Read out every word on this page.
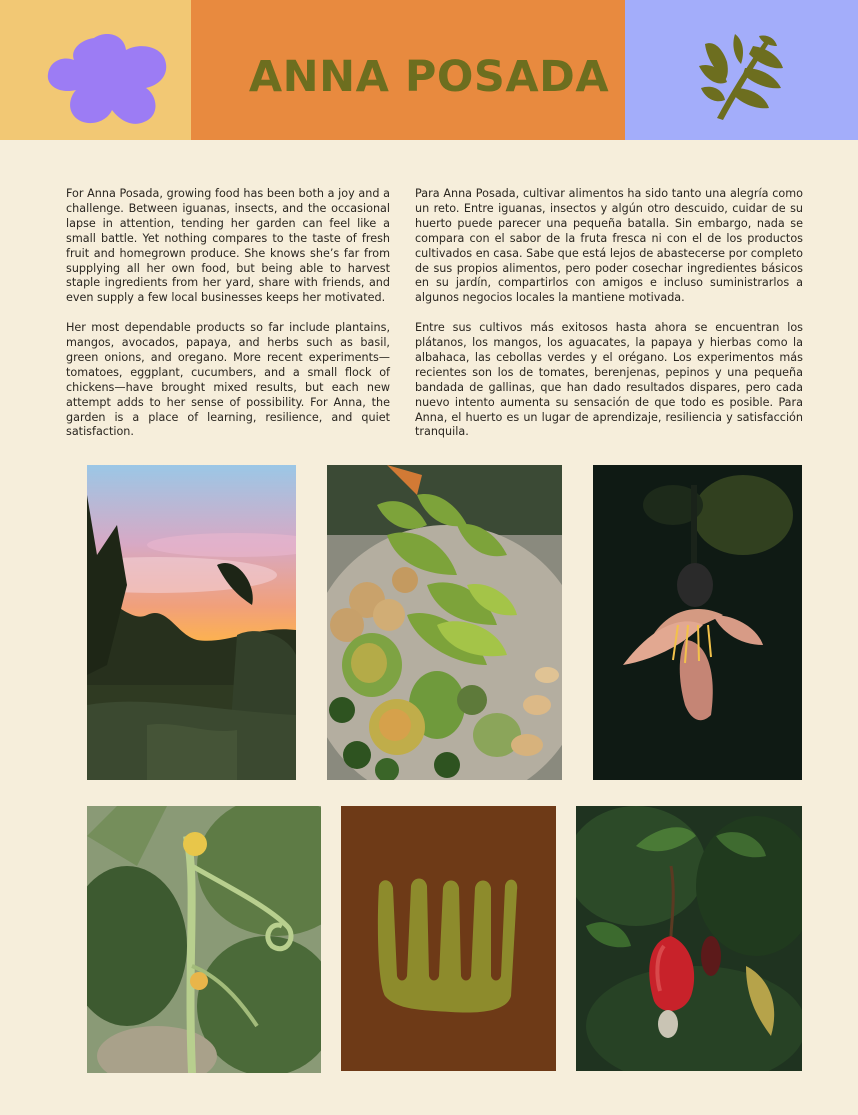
ANNA POSADA

For Anna Posada, growing food has been both a joy and a challenge. Between iguanas, insects, and the occasional lapse in attention, tending her garden can feel like a small battle. Yet nothing compares to the taste of fresh fruit and homegrown produce. She knows she’s far from supplying all her own food, but being able to harvest staple ingredients from her yard, share with friends, and even supply a few local businesses keeps her motivated.

Her most dependable products so far include plantains, mangos, avocados, papaya, and herbs such as basil, green onions, and oregano. More recent experiments—tomatoes, eggplant, cucumbers, and a small flock of chickens—have brought mixed results, but each new attempt adds to her sense of possibility. For Anna, the garden is a place of learning, resilience, and quiet satisfaction.

Para Anna Posada, cultivar alimentos ha sido tanto una alegría como un reto. Entre iguanas, insectos y algún otro descuido, cuidar de su huerto puede parecer una pequeña batalla. Sin embargo, nada se compara con el sabor de la fruta fresca ni con el de los productos cultivados en casa. Sabe que está lejos de abastecerse por completo de sus propios alimentos, pero poder cosechar ingredientes básicos en su jardín, compartirlos con amigos e incluso suministrarlos a algunos negocios locales la mantiene motivada.

Entre sus cultivos más exitosos hasta ahora se encuentran los plátanos, los mangos, los aguacates, la papaya y hierbas como la albahaca, las cebollas verdes y el orégano. Los experimentos más recientes son los de tomates, berenjenas, pepinos y una pequeña bandada de gallinas, que han dado resultados dispares, pero cada nuevo intento aumenta su sensación de que todo es posible. Para Anna, el huerto es un lugar de aprendizaje, resiliencia y satisfacción tranquila.
